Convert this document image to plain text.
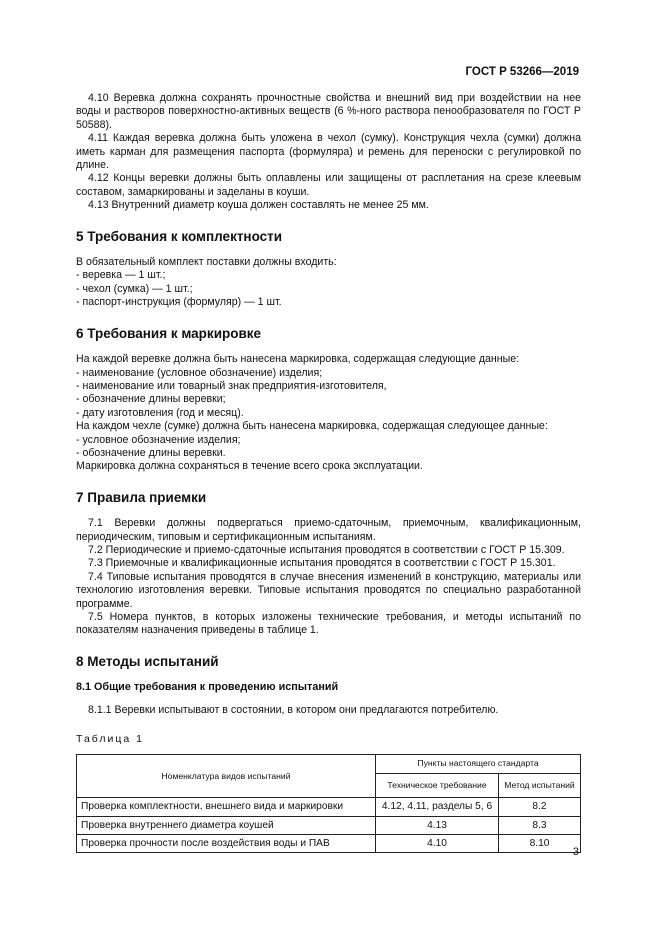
ГОСТ Р 53266—2019

4.10 Веревка должна сохранять прочностные свойства и внешний вид при воздействии на нее воды и растворов поверхностно-активных веществ (6 %-ного раствора пенообразователя по ГОСТ Р 50588).

4.11 Каждая веревка должна быть уложена в чехол (сумку). Конструкция чехла (сумки) должна иметь карман для размещения паспорта (формуляра) и ремень для переноски с регулировкой по длине.

4.12 Концы веревки должны быть оплавлены или защищены от расплетания на срезе клеевым составом, замаркированы и заделаны в коуши.

4.13 Внутренний диаметр коуша должен составлять не менее 25 мм.

5 Требования к комплектности

В обязательный комплект поставки должны входить:

- веревка — 1 шт.;

- чехол (сумка) — 1 шт.;

- паспорт-инструкция (формуляр) — 1 шт.

6 Требования к маркировке

На каждой веревке должна быть нанесена маркировка, содержащая следующие данные:

- наименование (условное обозначение) изделия;

- наименование или товарный знак предприятия-изготовителя,

- обозначение длины веревки;

- дату изготовления (год и месяц).

На каждом чехле (сумке) должна быть нанесена маркировка, содержащая следующее данные:

- условное обозначение изделия;

- обозначение длины веревки.

Маркировка должна сохраняться в течение всего срока эксплуатации.

7 Правила приемки

7.1 Веревки должны подвергаться приемо-сдаточным, приемочным, квалификационным, периодическим, типовым и сертификационным испытаниям.

7.2 Периодические и приемо-сдаточные испытания проводятся в соответствии с ГОСТ Р 15.309.

7.3 Приемочные и квалификационные испытания проводятся в соответствии с ГОСТ Р 15.301.

7.4 Типовые испытания проводятся в случае внесения изменений в конструкцию, материалы или технологию изготовления веревки. Типовые испытания проводятся по специально разработанной программе.

7.5 Номера пунктов, в которых изложены технические требования, и методы испытаний по показателям назначения приведены в таблице 1.

8 Методы испытаний
8.1 Общие требования к проведению испытаний

8.1.1 Веревки испытывают в состоянии, в котором они предлагаются потребителю.

Таблица 1
Номенклатура видов испытаний	Пункты настоящего стандарта	
	Техническое требование	Метод испытаний
Проверка комплектности, внешнего вида и маркировки	4.12, 4.11, разделы 5, 6	8.2
Проверка внутреннего диаметра коушей	4.13	8.3
Проверка прочности после воздействия воды и ПАВ	4.10	8.10
3
